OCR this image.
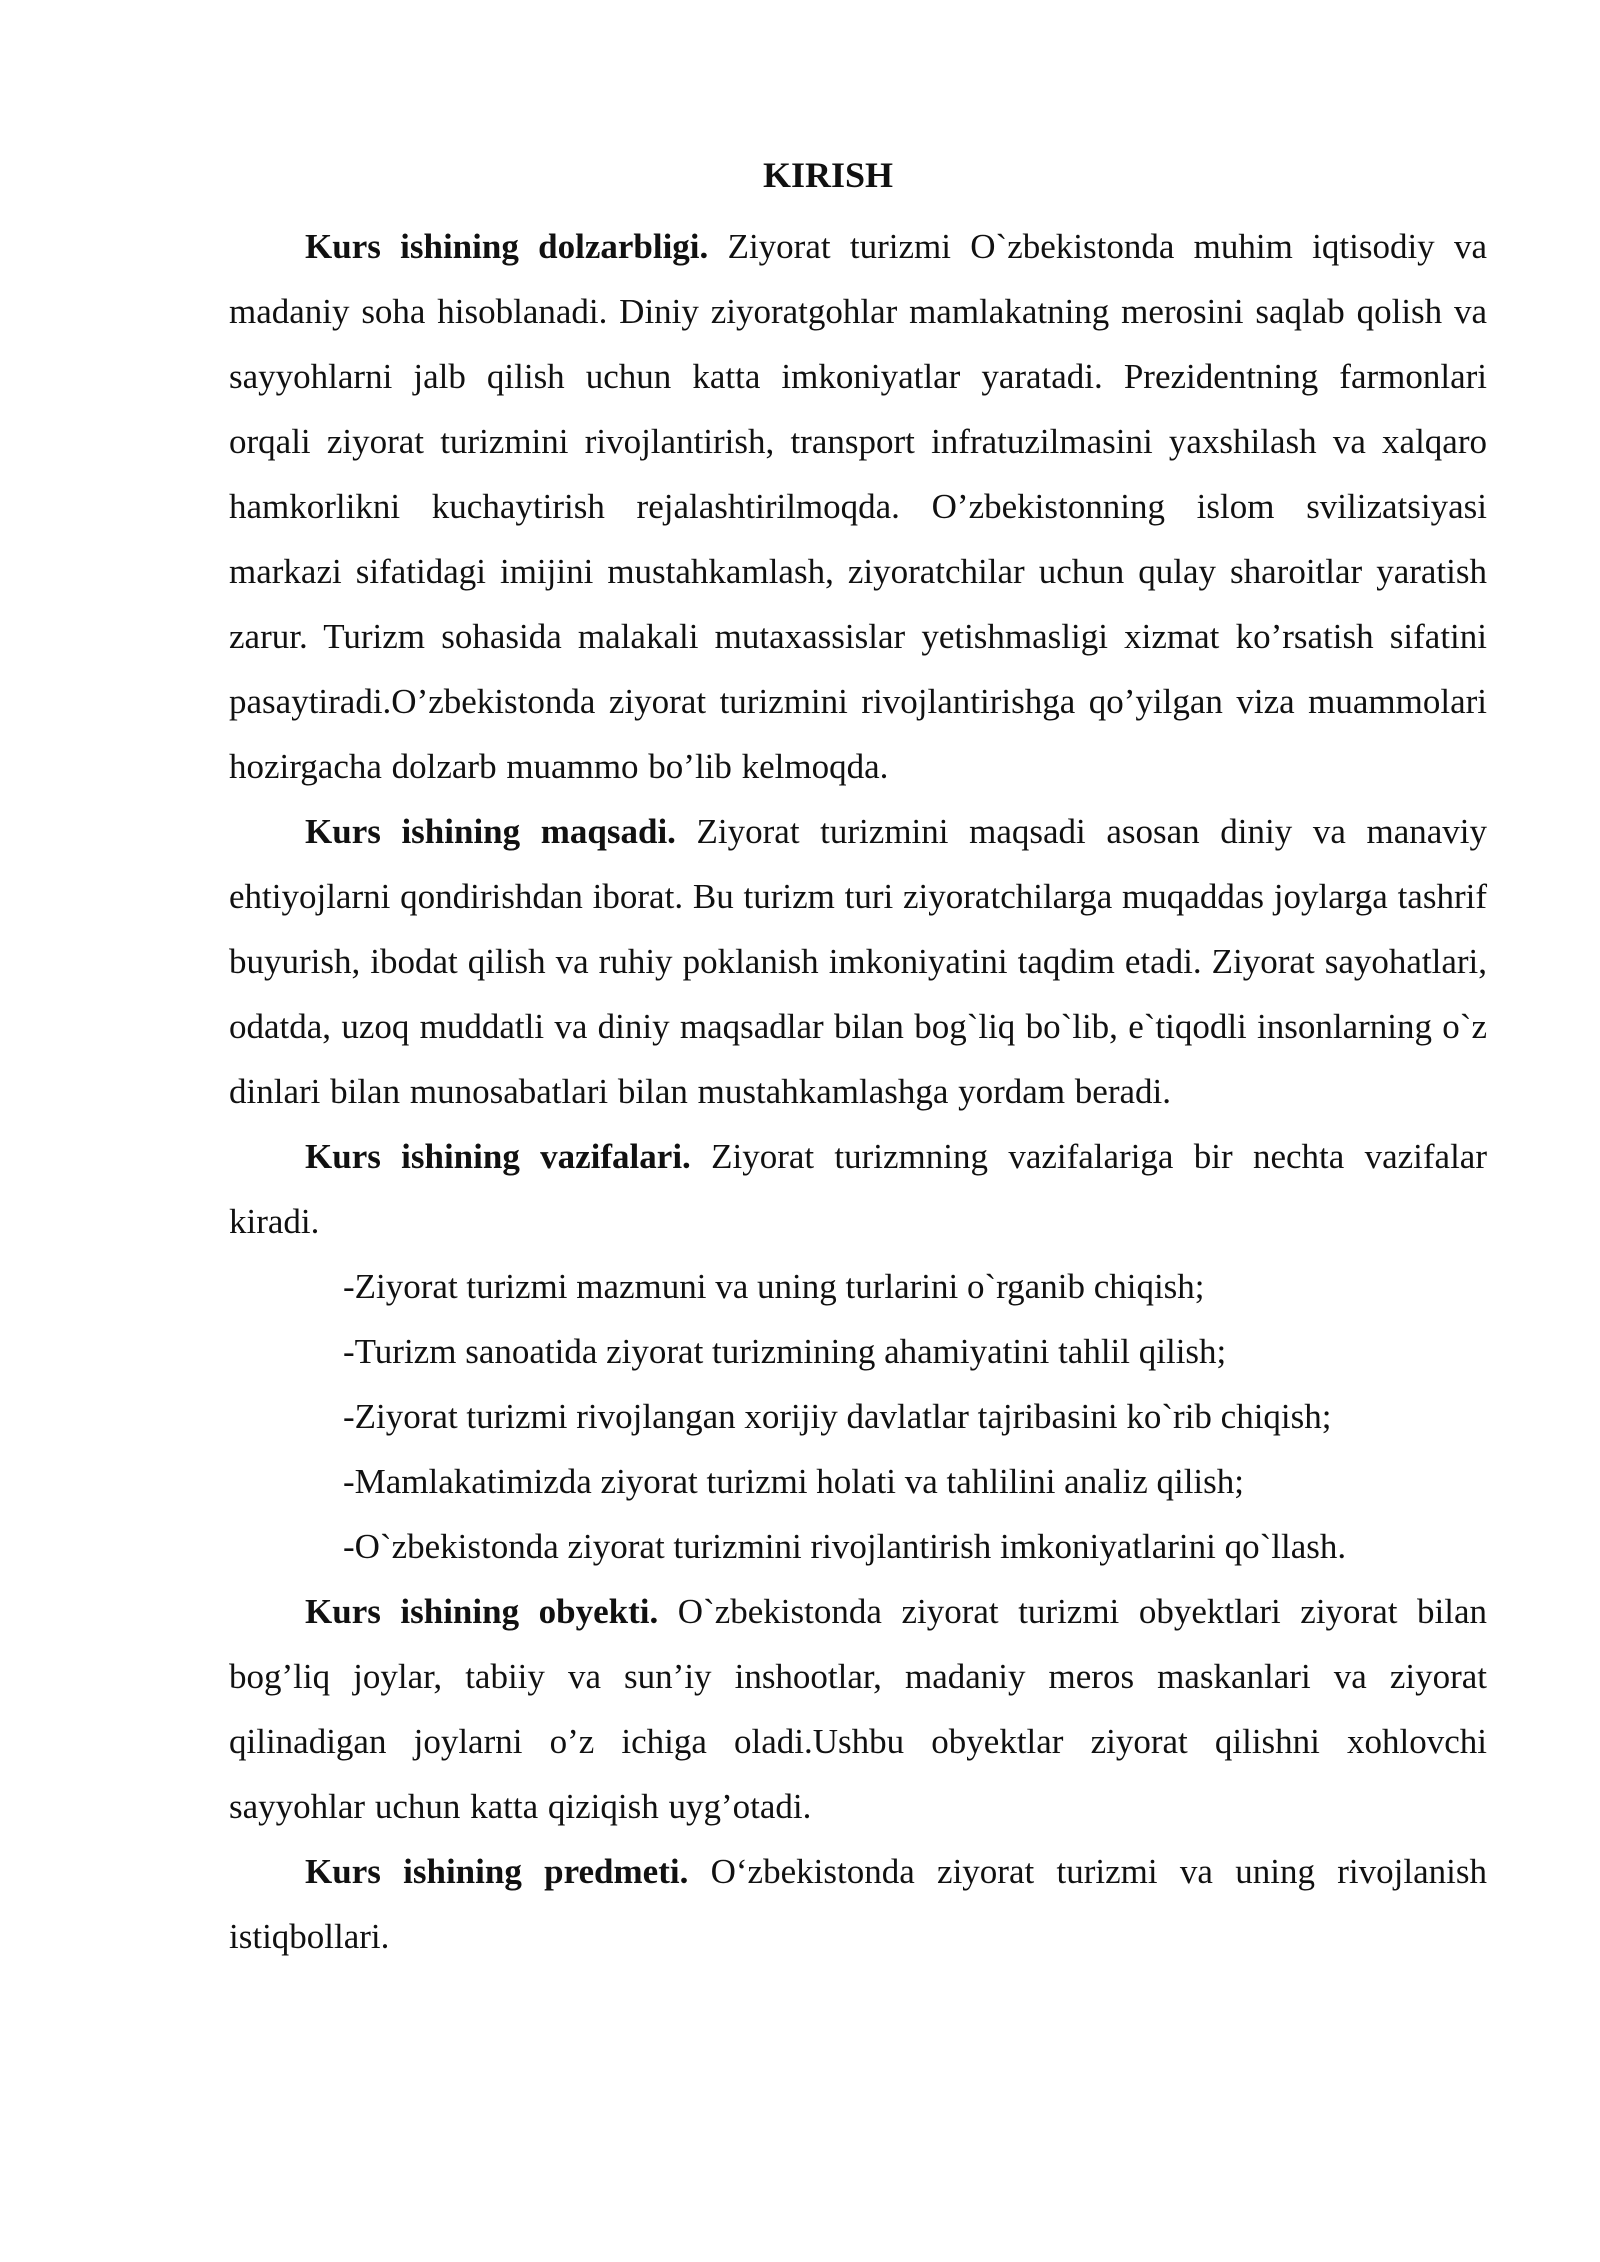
KIRISH

Kurs ishining dolzarbligi. Ziyorat turizmi O`zbekistonda muhim iqtisodiy va madaniy soha hisoblanadi. Diniy ziyoratgohlar mamlakatning merosini saqlab qolish va sayyohlarni jalb qilish uchun katta imkoniyatlar yaratadi. Prezidentning farmonlari orqali ziyorat turizmini rivojlantirish, transport infratuzilmasini yaxshilash va xalqaro hamkorlikni kuchaytirish rejalashtirilmoqda. O’zbekistonning islom svilizatsiyasi markazi sifatidagi imijini mustahkamlash, ziyoratchilar uchun qulay sharoitlar yaratish zarur. Turizm sohasida malakali mutaxassislar yetishmasligi xizmat ko’rsatish sifatini pasaytiradi.O’zbekistonda ziyorat turizmini rivojlantirishga qo’yilgan viza muammolari hozirgacha dolzarb muammo bo’lib kelmoqda.

Kurs ishining maqsadi. Ziyorat turizmini maqsadi asosan diniy va manaviy ehtiyojlarni qondirishdan iborat. Bu turizm turi ziyoratchilarga muqaddas joylarga tashrif buyurish, ibodat qilish va ruhiy poklanish imkoniyatini taqdim etadi. Ziyorat sayohatlari, odatda, uzoq muddatli va diniy maqsadlar bilan bog`liq bo`lib, e`tiqodli insonlarning o`z dinlari bilan munosabatlari bilan mustahkamlashga yordam beradi.

Kurs ishining vazifalari. Ziyorat turizmning vazifalariga bir nechta vazifalar kiradi.

-Ziyorat turizmi mazmuni va uning turlarini o`rganib chiqish;
-Turizm sanoatida ziyorat turizmining ahamiyatini tahlil qilish;
-Ziyorat turizmi rivojlangan xorijiy davlatlar tajribasini ko`rib chiqish;
-Mamlakatimizda ziyorat turizmi holati va tahlilini analiz qilish;
-O`zbekistonda ziyorat turizmini rivojlantirish imkoniyatlarini qo`llash.

Kurs ishining obyekti. O`zbekistonda ziyorat turizmi obyektlari ziyorat bilan bog’liq joylar, tabiiy va sun’iy inshootlar, madaniy meros maskanlari va ziyorat qilinadigan joylarni o’z ichiga oladi.Ushbu obyektlar ziyorat qilishni xohlovchi sayyohlar uchun katta qiziqish uyg’otadi.

Kurs ishining predmeti. O‘zbekistonda ziyorat turizmi va uning rivojlanish istiqbollari.
